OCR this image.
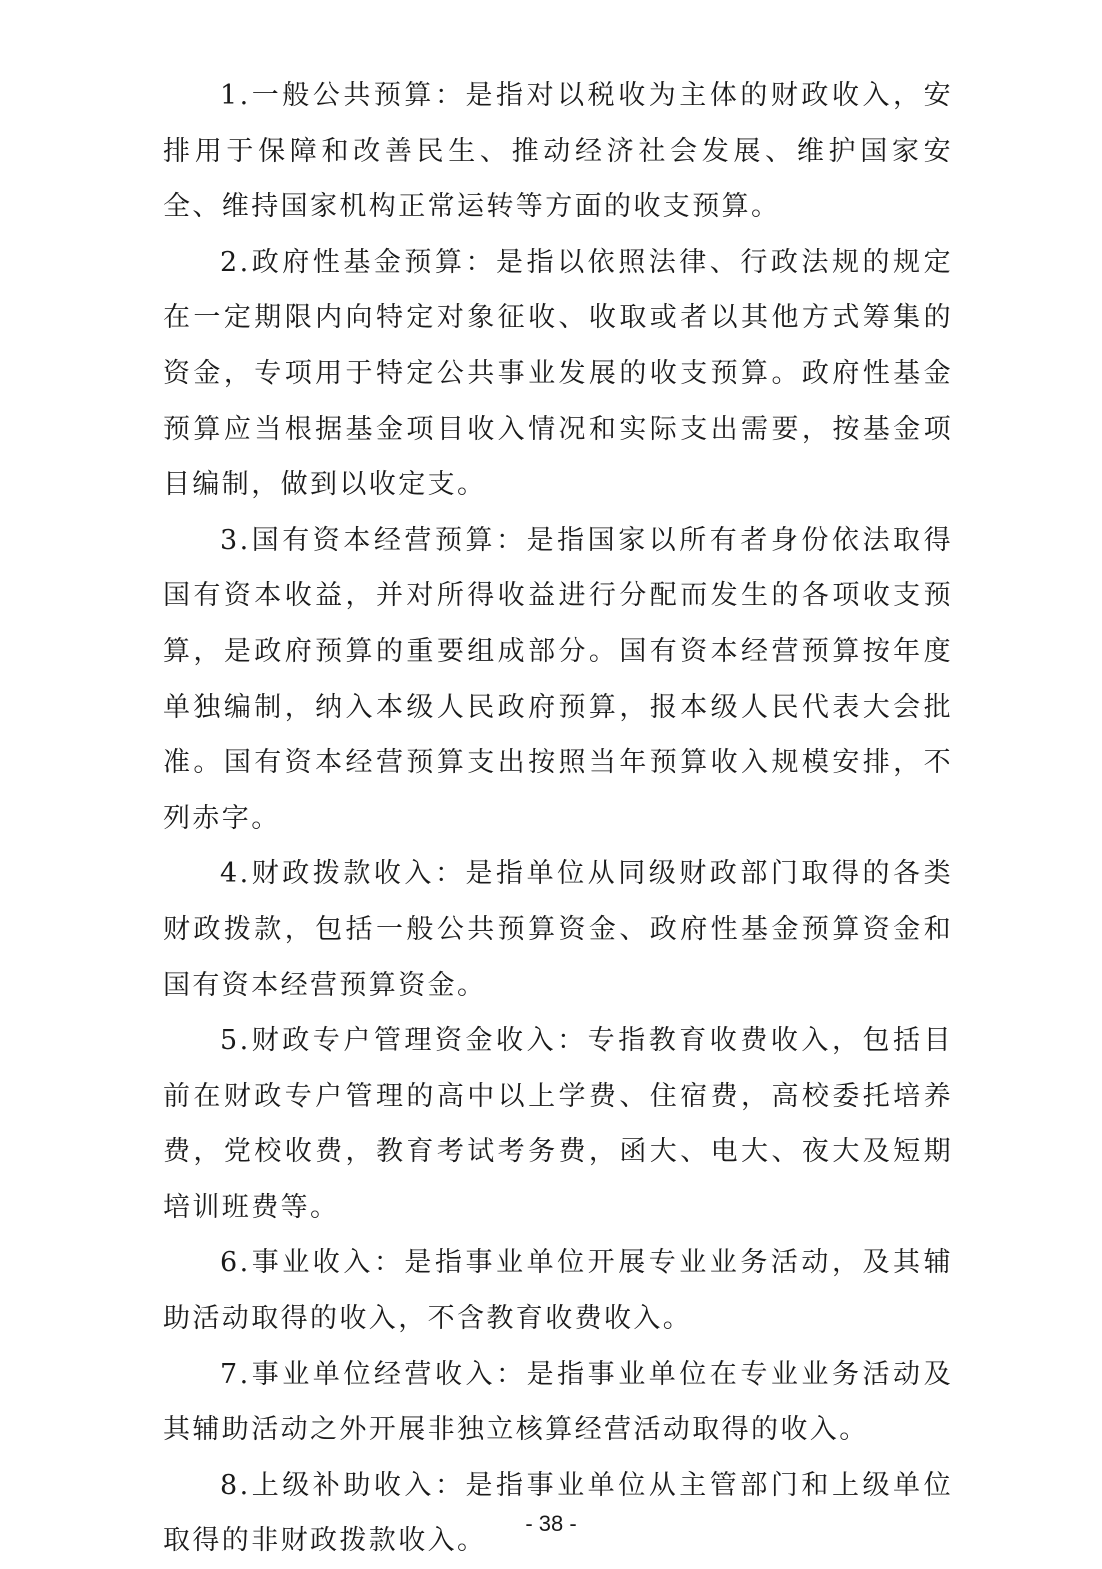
1.一般公共预算：是指对以税收为主体的财政收入，安排用于保障和改善民生、推动经济社会发展、维护国家安全、维持国家机构正常运转等方面的收支预算。

2.政府性基金预算：是指以依照法律、行政法规的规定在一定期限内向特定对象征收、收取或者以其他方式筹集的资金，专项用于特定公共事业发展的收支预算。政府性基金预算应当根据基金项目收入情况和实际支出需要，按基金项目编制，做到以收定支。

3.国有资本经营预算：是指国家以所有者身份依法取得国有资本收益，并对所得收益进行分配而发生的各项收支预算，是政府预算的重要组成部分。国有资本经营预算按年度单独编制，纳入本级人民政府预算，报本级人民代表大会批准。国有资本经营预算支出按照当年预算收入规模安排，不列赤字。

4.财政拨款收入：是指单位从同级财政部门取得的各类财政拨款，包括一般公共预算资金、政府性基金预算资金和国有资本经营预算资金。

5.财政专户管理资金收入：专指教育收费收入，包括目前在财政专户管理的高中以上学费、住宿费，高校委托培养费，党校收费，教育考试考务费，函大、电大、夜大及短期培训班费等。

6.事业收入：是指事业单位开展专业业务活动，及其辅助活动取得的收入，不含教育收费收入。

7.事业单位经营收入：是指事业单位在专业业务活动及其辅助活动之外开展非独立核算经营活动取得的收入。

8.上级补助收入：是指事业单位从主管部门和上级单位取得的非财政拨款收入。

- 38 -
